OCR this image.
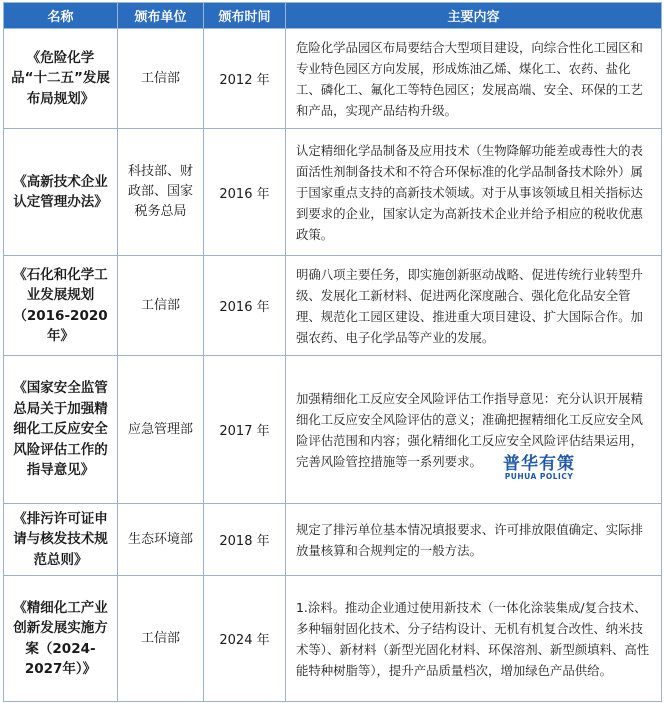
名称	颁布单位	颁布时间	主要内容
《危险化学品“十二五”发展布局规划》	工信部	2012 年	危险化学品园区布局要结合大型项目建设，向综合性化工园区和专业特色园区方向发展，形成炼油乙烯、煤化工、农药、盐化工、磷化工、氟化工等特色园区；发展高端、安全、环保的工艺和产品，实现产品结构升级。
《高新技术企业认定管理办法》	科技部、财政部、国家税务总局	2016 年	认定精细化学品制备及应用技术（生物降解功能差或毒性大的表面活性剂制备技术和不符合环保标准的化学品制备技术除外）属于国家重点支持的高新技术领域。对于从事该领域且相关指标达到要求的企业，国家认定为高新技术企业并给予相应的税收优惠政策。
《石化和化学工业发展规划（2016-2020年》	工信部	2016 年	明确八项主要任务，即实施创新驱动战略、促进传统行业转型升级、发展化工新材料、促进两化深度融合、强化危化品安全管理、规范化工园区建设、推进重大项目建设、扩大国际合作。加强农药、电子化学品等产业的发展。
《国家安全监管总局关于加强精细化工反应安全风险评估工作的指导意见》	应急管理部	2017 年	加强精细化工反应安全风险评估工作指导意见：充分认识开展精细化工反应安全风险评估的意义；准确把握精细化工反应安全风险评估范围和内容；强化精细化工反应安全风险评估结果运用，完善风险管控措施等一系列要求。
《排污许可证申请与核发技术规范总则》	生态环境部	2018 年	规定了排污单位基本情况填报要求、许可排放限值确定、实际排放量核算和合规判定的一般方法。
《精细化工产业创新发展实施方案（2024-2027年）》	工信部	2024 年	1.涂料。推动企业通过使用新技术（一体化涂装集成/复合技术、多种辐射固化技术、分子结构设计、无机有机复合改性、纳米技术等）、新材料（新型光固化材料、环保溶剂、新型颜填料、高性能特种树脂等），提升产品质量档次，增加绿色产品供给。
普华有策
PUHUA POLICY
